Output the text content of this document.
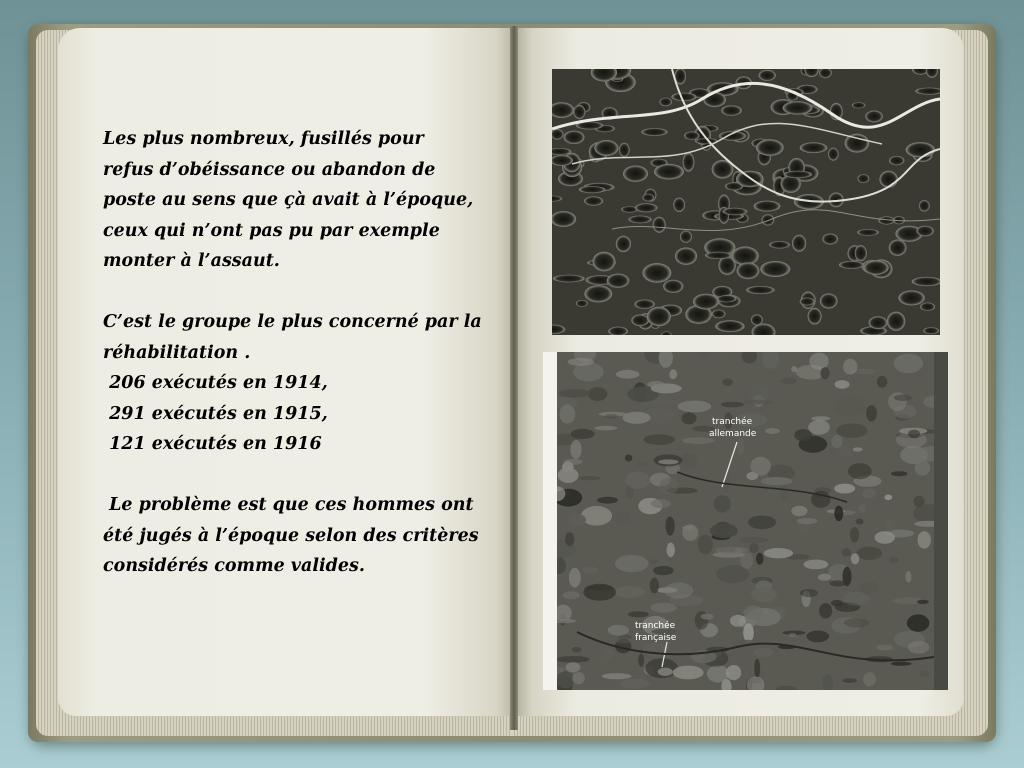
Les plus nombreux, fusillés pour

refus d’obéissance ou abandon de

poste au sens que çà avait à l’époque,

ceux qui n’ont pas pu par exemple

monter à l’assaut.

C’est le groupe le plus concerné par la

réhabilitation .

206 exécutés en 1914,

291 exécutés en 1915,

121 exécutés en 1916

Le problème est que ces hommes ont

été jugés à l’époque selon des critères

considérés comme valides.

tranchée
allemande
tranchée
française
